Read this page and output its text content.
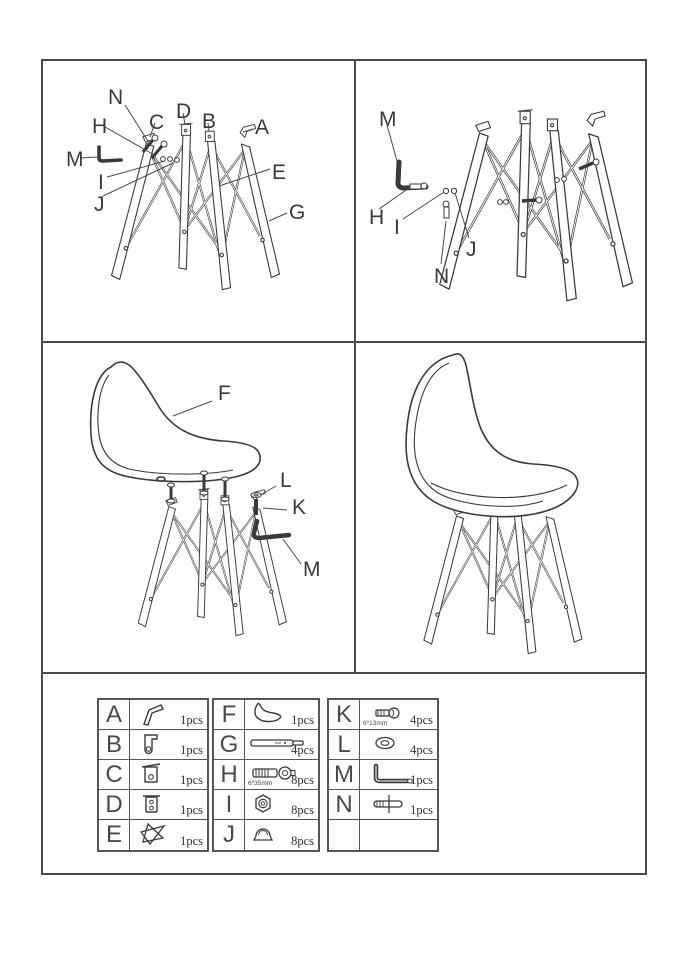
N
H
M
I
J
C D B A
E
G
M
H I
J
N
F
L
K
M
A	1pcs
B	1pcs
C	1pcs
D	1pcs
E	1pcs
F	1pcs
G	4pcs
H	6*35mm 8pcs
I	8pcs
J	8pcs
K	6*13mm 4pcs
L	4pcs
M	1pcs
N	1pcs
